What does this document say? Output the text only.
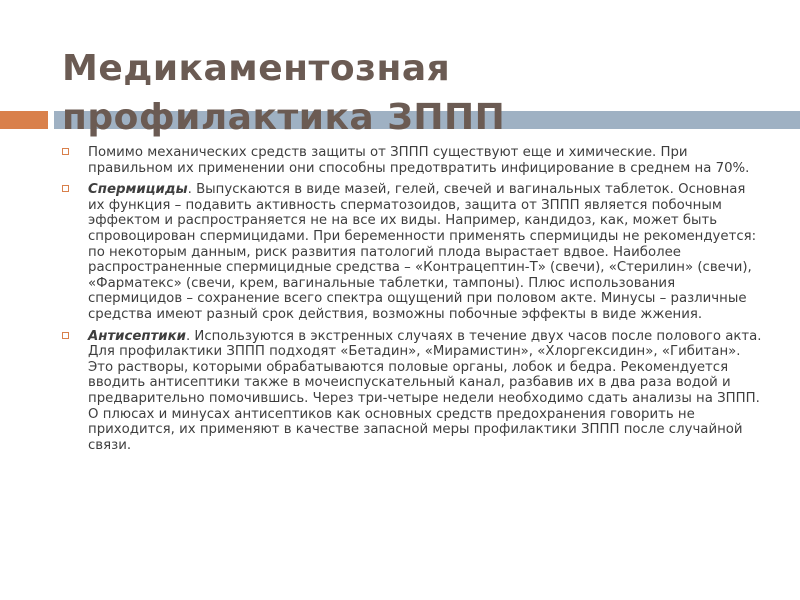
Медикаментозная
профилактика ЗППП
Помимо механических средств защиты от ЗППП существуют еще и химические. При правильном их применении они способны предотвратить инфицирование в среднем на 70%.
Спермициды. Выпускаются в виде мазей, гелей, свечей и вагинальных таблеток. Основная их функция – подавить активность сперматозоидов, защита от ЗППП является побочным эффектом и распространяется не на все их виды. Например, кандидоз, как, может быть спровоцирован спермицидами. При беременности применять спермициды не рекомендуется: по некоторым данным, риск развития патологий плода вырастает вдвое. Наиболее распространенные спермицидные средства – «Контрацептин-Т» (свечи), «Стерилин» (свечи), «Фарматекс» (свечи, крем, вагинальные таблетки, тампоны). Плюс использования спермицидов – сохранение всего спектра ощущений при половом акте. Минусы – различные средства имеют разный срок действия, возможны побочные эффекты в виде жжения.
Антисептики. Используются в экстренных случаях в течение двух часов после полового акта. Для профилактики ЗППП подходят «Бетадин», «Мирамистин», «Хлоргексидин», «Гибитан». Это растворы, которыми обрабатываются половые органы, лобок и бедра. Рекомендуется вводить антисептики также в мочеиспускательный канал, разбавив их в два раза водой и предварительно помочившись. Через три-четыре недели необходимо сдать анализы на ЗППП. О плюсах и минусах антисептиков как основных средств предохранения говорить не приходится, их применяют в качестве запасной меры профилактики ЗППП после случайной связи.
